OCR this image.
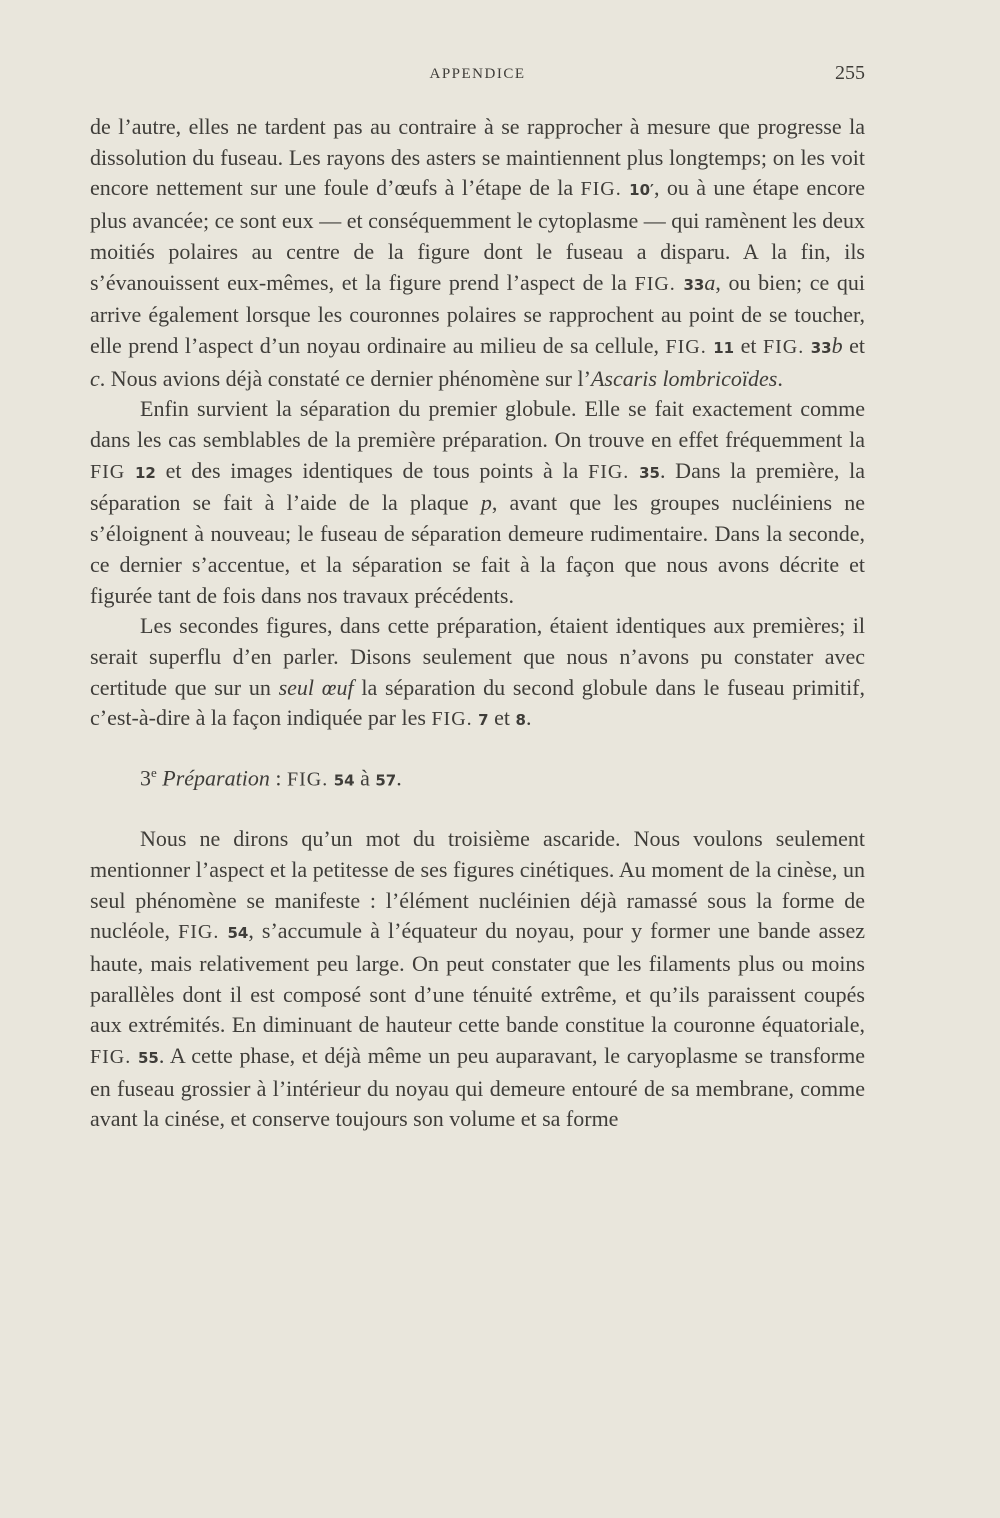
APPENDICE	255

de l’autre, elles ne tardent pas au contraire à se rapprocher à mesure que progresse la dissolution du fuseau. Les rayons des asters se maintiennent plus longtemps; on les voit encore nettement sur une foule d’œufs à l’étape de la FIG. 10′, ou à une étape encore plus avancée; ce sont eux — et conséquemment le cytoplasme — qui ramènent les deux moitiés polaires au centre de la figure dont le fuseau a disparu. A la fin, ils s’évanouissent eux-mêmes, et la figure prend l’aspect de la FIG. 33a, ou bien; ce qui arrive également lorsque les couronnes polaires se rapprochent au point de se toucher, elle prend l’aspect d’un noyau ordinaire au milieu de sa cellule, FIG. 11 et FIG. 33b et c. Nous avions déjà constaté ce dernier phénomène sur l’Ascaris lombricoïdes.

Enfin survient la séparation du premier globule. Elle se fait exactement comme dans les cas semblables de la première préparation. On trouve en effet fréquemment la FIG 12 et des images identiques de tous points à la FIG. 35. Dans la première, la séparation se fait à l’aide de la plaque p, avant que les groupes nucléiniens ne s’éloignent à nouveau; le fuseau de séparation demeure rudimentaire. Dans la seconde, ce dernier s’accentue, et la séparation se fait à la façon que nous avons décrite et figurée tant de fois dans nos travaux précédents.

Les secondes figures, dans cette préparation, étaient identiques aux premières; il serait superflu d’en parler. Disons seulement que nous n’avons pu constater avec certitude que sur un seul œuf la séparation du second globule dans le fuseau primitif, c’est-à-dire à la façon indiquée par les FIG. 7 et 8.

3e Préparation : FIG. 54 à 57.

Nous ne dirons qu’un mot du troisième ascaride. Nous voulons seulement mentionner l’aspect et la petitesse de ses figures cinétiques. Au moment de la cinèse, un seul phénomène se manifeste : l’élément nucléinien déjà ramassé sous la forme de nucléole, FIG. 54, s’accumule à l’équateur du noyau, pour y former une bande assez haute, mais relativement peu large. On peut constater que les filaments plus ou moins parallèles dont il est composé sont d’une ténuité extrême, et qu’ils paraissent coupés aux extrémités. En diminuant de hauteur cette bande constitue la couronne équatoriale, FIG. 55. A cette phase, et déjà même un peu auparavant, le caryoplasme se transforme en fuseau grossier à l’intérieur du noyau qui demeure entouré de sa membrane, comme avant la cinése, et conserve toujours son volume et sa forme
